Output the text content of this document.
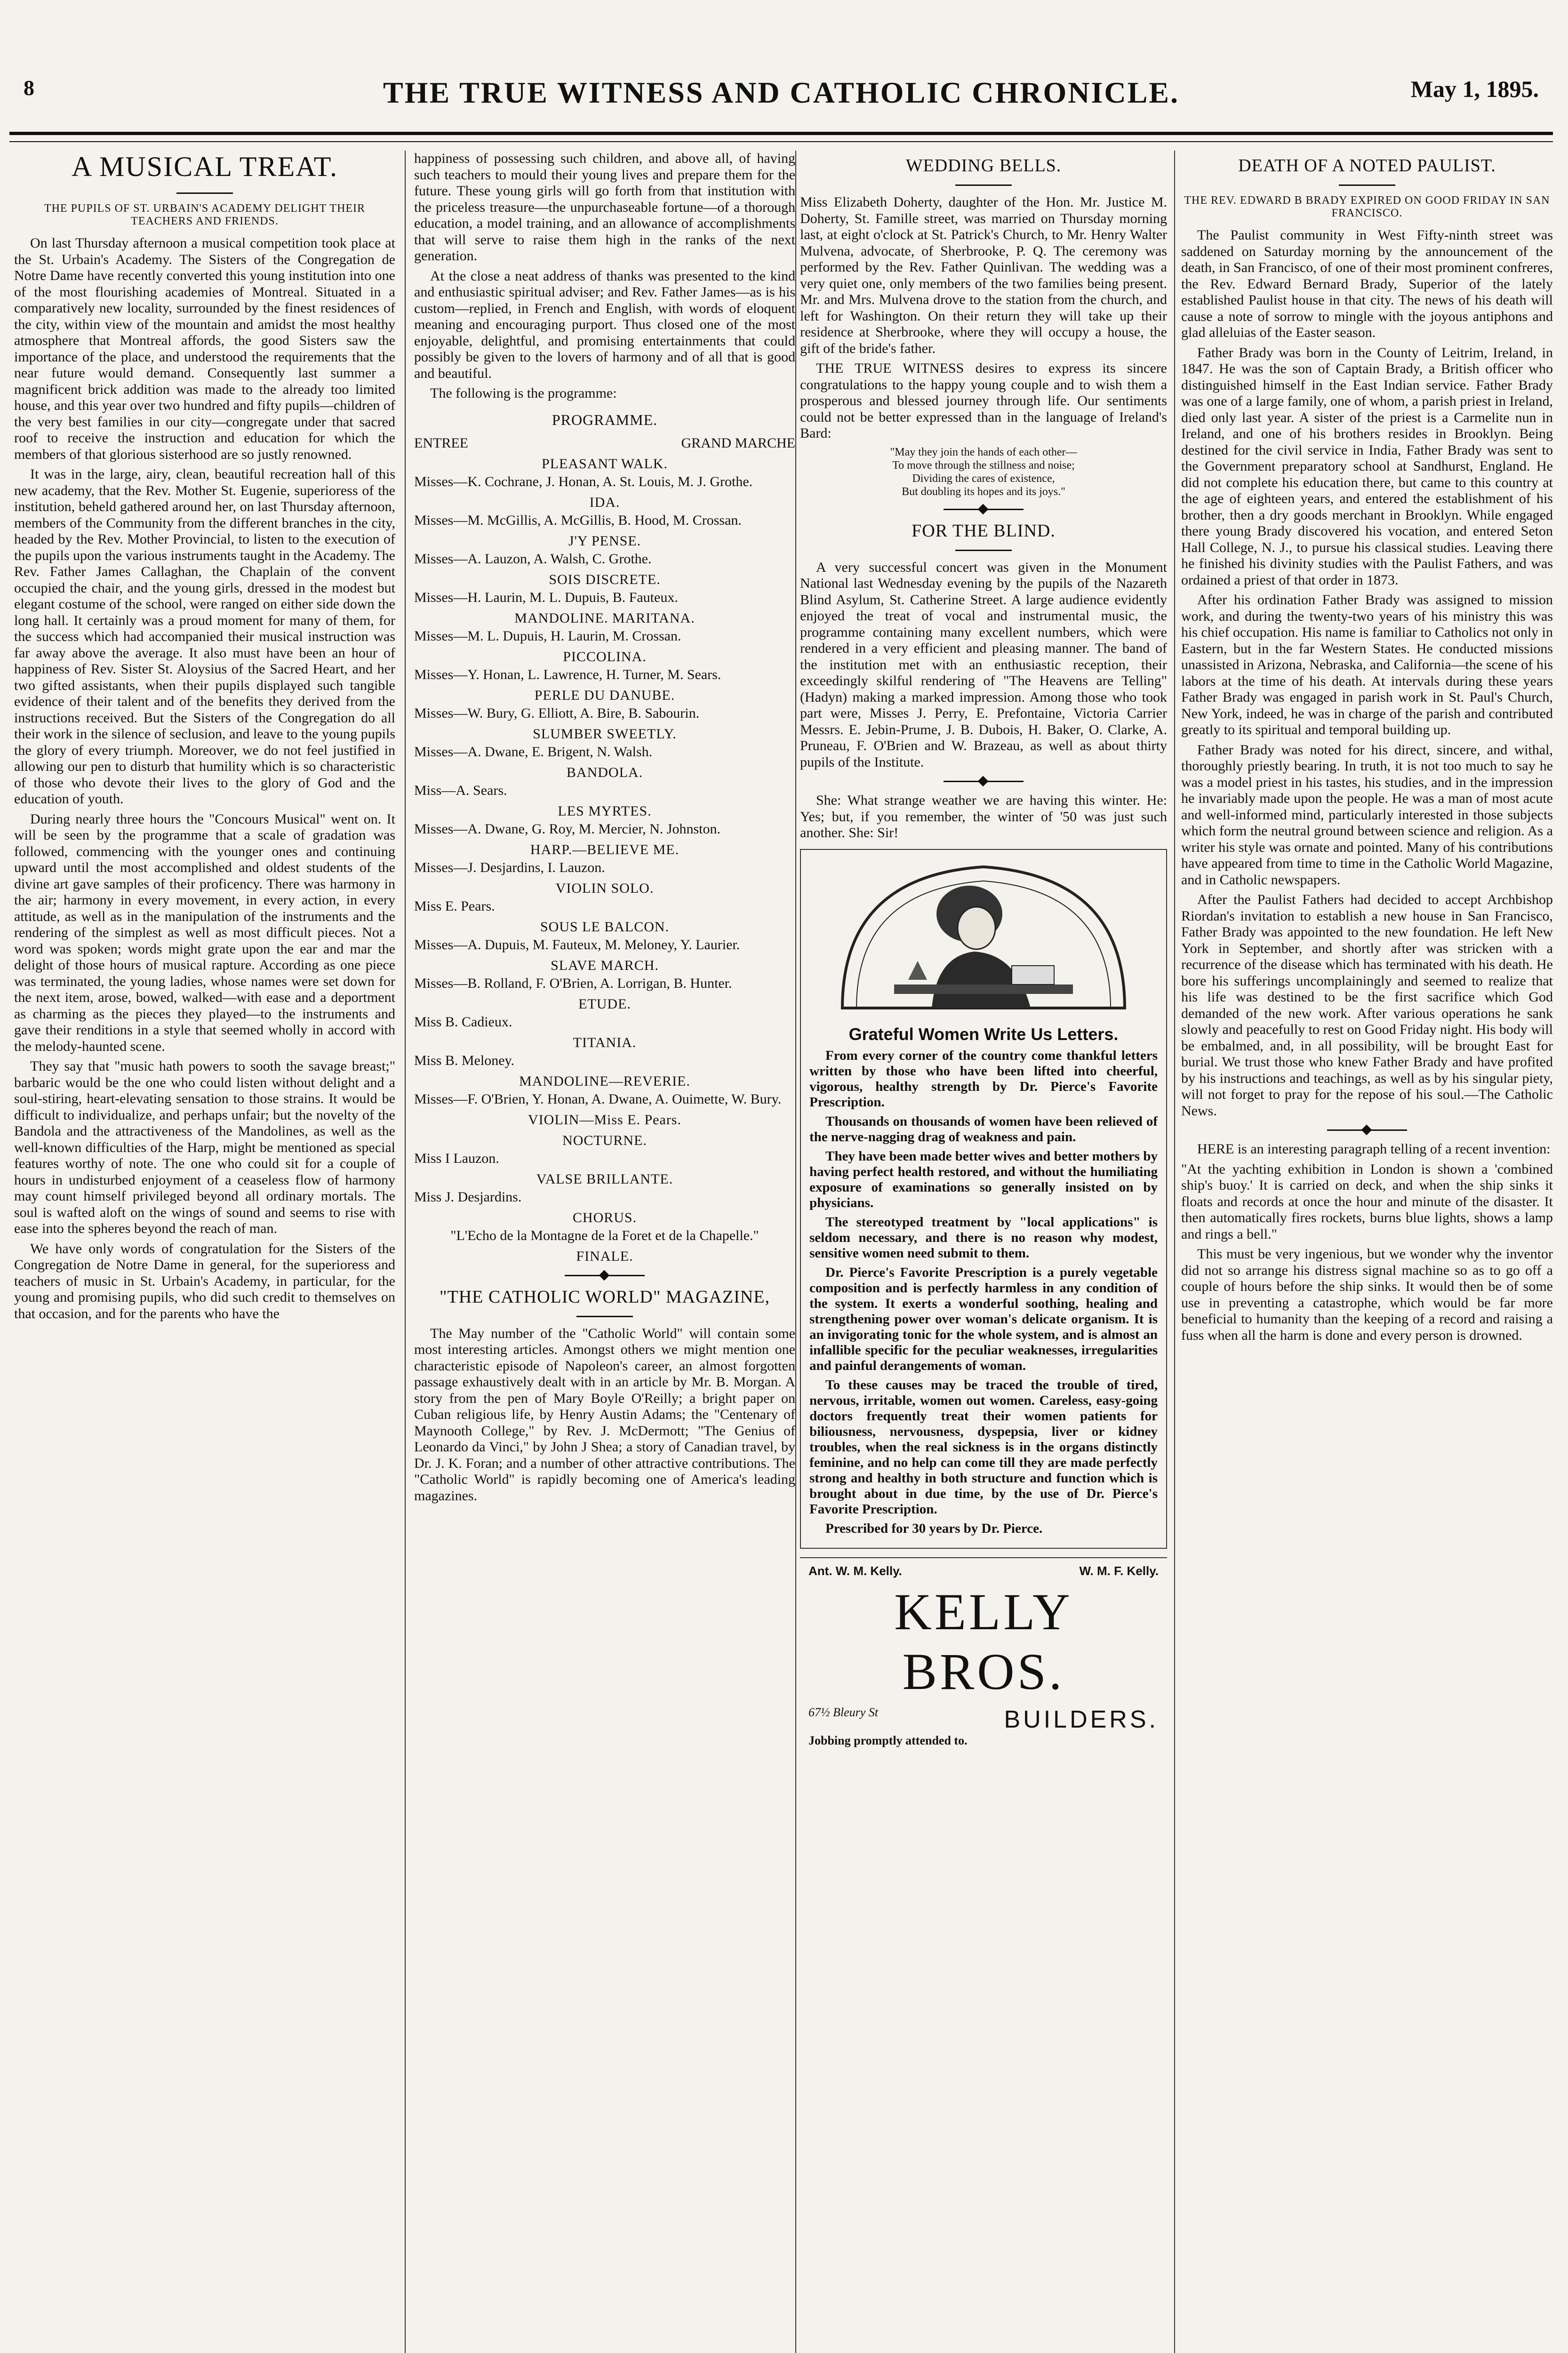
8	THE TRUE WITNESS AND CATHOLIC CHRONICLE.	May 1, 1895.
A MUSICAL TREAT.
THE PUPILS OF ST. URBAIN'S ACADEMY DELIGHT THEIR TEACHERS AND FRIENDS.

On last Thursday afternoon a musical competition took place at the St. Urbain's Academy. The Sisters of the Congregation de Notre Dame have recently converted this young institution into one of the most flourishing academies of Montreal. Situated in a comparatively new locality, surrounded by the finest residences of the city, within view of the mountain and amidst the most healthy atmosphere that Montreal affords, the good Sisters saw the importance of the place, and understood the requirements that the near future would demand. Consequently last summer a magnificent brick addition was made to the already too limited house, and this year over two hundred and fifty pupils—children of the very best families in our city—congregate under that sacred roof to receive the instruction and education for which the members of that glorious sisterhood are so justly renowned.

It was in the large, airy, clean, beautiful recreation hall of this new academy, that the Rev. Mother St. Eugenie, superioress of the institution, beheld gathered around her, on last Thursday afternoon, members of the Community from the different branches in the city, headed by the Rev. Mother Provincial, to listen to the execution of the pupils upon the various instruments taught in the Academy. The Rev. Father James Callaghan, the Chaplain of the convent occupied the chair, and the young girls, dressed in the modest but elegant costume of the school, were ranged on either side down the long hall. It certainly was a proud moment for many of them, for the success which had accompanied their musical instruction was far away above the average. It also must have been an hour of happiness of Rev. Sister St. Aloysius of the Sacred Heart, and her two gifted assistants, when their pupils displayed such tangible evidence of their talent and of the benefits they derived from the instructions received. But the Sisters of the Congregation do all their work in the silence of seclusion, and leave to the young pupils the glory of every triumph. Moreover, we do not feel justified in allowing our pen to disturb that humility which is so characteristic of those who devote their lives to the glory of God and the education of youth.

During nearly three hours the "Concours Musical" went on. It will be seen by the programme that a scale of gradation was followed, commencing with the younger ones and continuing upward until the most accomplished and oldest students of the divine art gave samples of their proficency. There was harmony in the air; harmony in every movement, in every action, in every attitude, as well as in the manipulation of the instruments and the rendering of the simplest as well as most difficult pieces. Not a word was spoken; words might grate upon the ear and mar the delight of those hours of musical rapture. According as one piece was terminated, the young ladies, whose names were set down for the next item, arose, bowed, walked—with ease and a deportment as charming as the pieces they played—to the instruments and gave their renditions in a style that seemed wholly in accord with the melody-haunted scene.

They say that "music hath powers to sooth the savage breast;" barbaric would be the one who could listen without delight and a soul-stiring, heart-elevating sensation to those strains. It would be difficult to individualize, and perhaps unfair; but the novelty of the Bandola and the attractiveness of the Mandolines, as well as the well-known difficulties of the Harp, might be mentioned as special features worthy of note. The one who could sit for a couple of hours in undisturbed enjoyment of a ceaseless flow of harmony may count himself privileged beyond all ordinary mortals. The soul is wafted aloft on the wings of sound and seems to rise with ease into the spheres beyond the reach of man.

We have only words of congratulation for the Sisters of the Congregation de Notre Dame in general, for the superioress and teachers of music in St. Urbain's Academy, in particular, for the young and promising pupils, who did such credit to themselves on that occasion, and for the parents who have the

happiness of possessing such children, and above all, of having such teachers to mould their young lives and prepare them for the future. These young girls will go forth from that institution with the priceless treasure—the unpurchaseable fortune—of a thorough education, a model training, and an allowance of accomplishments that will serve to raise them high in the ranks of the next generation.

At the close a neat address of thanks was presented to the kind and enthusiastic spiritual adviser; and Rev. Father James—as is his custom—replied, in French and English, with words of eloquent meaning and encouraging purport. Thus closed one of the most enjoyable, delightful, and promising entertainments that could possibly be given to the lovers of harmony and of all that is good and beautiful.

The following is the programme:

PROGRAMME.
ENTREE	GRAND MARCHE
PLEASANT WALK.
Misses—K. Cochrane, J. Honan, A. St. Louis, M. J. Grothe.
IDA.
Misses—M. McGillis, A. McGillis, B. Hood, M. Crossan.
J'Y PENSE.
Misses—A. Lauzon, A. Walsh, C. Grothe.
SOIS DISCRETE.
Misses—H. Laurin, M. L. Dupuis, B. Fauteux.
MANDOLINE. MARITANA.
Misses—M. L. Dupuis, H. Laurin, M. Crossan.
PICCOLINA.
Misses—Y. Honan, L. Lawrence, H. Turner, M. Sears.
PERLE DU DANUBE.
Misses—W. Bury, G. Elliott, A. Bire, B. Sabourin.
SLUMBER SWEETLY.
Misses—A. Dwane, E. Brigent, N. Walsh.
BANDOLA.
Miss—A. Sears.
LES MYRTES.
Misses—A. Dwane, G. Roy, M. Mercier, N. Johnston.
HARP.—BELIEVE ME.
Misses—J. Desjardins, I. Lauzon.
VIOLIN SOLO.
Miss E. Pears.
SOUS LE BALCON.
Misses—A. Dupuis, M. Fauteux, M. Meloney, Y. Laurier.
SLAVE MARCH.
Misses—B. Rolland, F. O'Brien, A. Lorrigan, B. Hunter.
ETUDE.
Miss B. Cadieux.
TITANIA.
Miss B. Meloney.
MANDOLINE—REVERIE.
Misses—F. O'Brien, Y. Honan, A. Dwane, A. Ouimette, W. Bury.
VIOLIN—Miss E. Pears.
NOCTURNE.
Miss I Lauzon.
VALSE BRILLANTE.
Miss J. Desjardins.
CHORUS.
"L'Echo de la Montagne de la Foret et de la Chapelle."
FINALE.
"THE CATHOLIC WORLD" MAGAZINE,

The May number of the "Catholic World" will contain some most interesting articles. Amongst others we might mention one characteristic episode of Napoleon's career, an almost forgotten passage exhaustively dealt with in an article by Mr. B. Morgan. A story from the pen of Mary Boyle O'Reilly; a bright paper on Cuban religious life, by Henry Austin Adams; the "Centenary of Maynooth College," by Rev. J. McDermott; "The Genius of Leonardo da Vinci," by John J Shea; a story of Canadian travel, by Dr. J. K. Foran; and a number of other attractive contributions. The "Catholic World" is rapidly becoming one of America's leading magazines.

WEDDING BELLS.

Miss Elizabeth Doherty, daughter of the Hon. Mr. Justice M. Doherty, St. Famille street, was married on Thursday morning last, at eight o'clock at St. Patrick's Church, to Mr. Henry Walter Mulvena, advocate, of Sherbrooke, P. Q. The ceremony was performed by the Rev. Father Quinlivan. The wedding was a very quiet one, only members of the two families being present. Mr. and Mrs. Mulvena drove to the station from the church, and left for Washington. On their return they will take up their residence at Sherbrooke, where they will occupy a house, the gift of the bride's father.

THE TRUE WITNESS desires to express its sincere congratulations to the happy young couple and to wish them a prosperous and blessed journey through life. Our sentiments could not be better expressed than in the language of Ireland's Bard:

"May they join the hands of each other—
To move through the stillness and noise;
Dividing the cares of existence,
But doubling its hopes and its joys."
FOR THE BLIND.

A very successful concert was given in the Monument National last Wednesday evening by the pupils of the Nazareth Blind Asylum, St. Catherine Street. A large audience evidently enjoyed the treat of vocal and instrumental music, the programme containing many excellent numbers, which were rendered in a very efficient and pleasing manner. The band of the institution met with an enthusiastic reception, their exceedingly skilful rendering of "The Heavens are Telling" (Hadyn) making a marked impression. Among those who took part were, Misses J. Perry, E. Prefontaine, Victoria Carrier Messrs. E. Jebin-Prume, J. B. Dubois, H. Baker, O. Clarke, A. Pruneau, F. O'Brien and W. Brazeau, as well as about thirty pupils of the Institute.

She: What strange weather we are having this winter. He: Yes; but, if you remember, the winter of '50 was just such another. She: Sir!

Grateful Women Write Us Letters.

From every corner of the country come thankful letters written by those who have been lifted into cheerful, vigorous, healthy strength by Dr. Pierce's Favorite Prescription.

Thousands on thousands of women have been relieved of the nerve-nagging drag of weakness and pain.

They have been made better wives and better mothers by having perfect health restored, and without the humiliating exposure of examinations so generally insisted on by physicians.

The stereotyped treatment by "local applications" is seldom necessary, and there is no reason why modest, sensitive women need submit to them.

Dr. Pierce's Favorite Prescription is a purely vegetable composition and is perfectly harmless in any condition of the system. It exerts a wonderful soothing, healing and strengthening power over woman's delicate organism. It is an invigorating tonic for the whole system, and is almost an infallible specific for the peculiar weaknesses, irregularities and painful derangements of woman.

To these causes may be traced the trouble of tired, nervous, irritable, women out women. Careless, easy-going doctors frequently treat their women patients for biliousness, nervousness, dyspepsia, liver or kidney troubles, when the real sickness is in the organs distinctly feminine, and no help can come till they are made perfectly strong and healthy in both structure and function which is brought about in due time, by the use of Dr. Pierce's Favorite Prescription.

Prescribed for 30 years by Dr. Pierce.

Ant. W. M. Kelly.	W. M. F. Kelly.
KELLY BROS.
67½ Bleury St	BUILDERS.
Jobbing promptly attended to.
DEATH OF A NOTED PAULIST.
THE REV. EDWARD B BRADY EXPIRED ON GOOD FRIDAY IN SAN FRANCISCO.

The Paulist community in West Fifty-ninth street was saddened on Saturday morning by the announcement of the death, in San Francisco, of one of their most prominent confreres, the Rev. Edward Bernard Brady, Superior of the lately established Paulist house in that city. The news of his death will cause a note of sorrow to mingle with the joyous antiphons and glad alleluias of the Easter season.

Father Brady was born in the County of Leitrim, Ireland, in 1847. He was the son of Captain Brady, a British officer who distinguished himself in the East Indian service. Father Brady was one of a large family, one of whom, a parish priest in Ireland, died only last year. A sister of the priest is a Carmelite nun in Ireland, and one of his brothers resides in Brooklyn. Being destined for the civil service in India, Father Brady was sent to the Government preparatory school at Sandhurst, England. He did not complete his education there, but came to this country at the age of eighteen years, and entered the establishment of his brother, then a dry goods merchant in Brooklyn. While engaged there young Brady discovered his vocation, and entered Seton Hall College, N. J., to pursue his classical studies. Leaving there he finished his divinity studies with the Paulist Fathers, and was ordained a priest of that order in 1873.

After his ordination Father Brady was assigned to mission work, and during the twenty-two years of his ministry this was his chief occupation. His name is familiar to Catholics not only in Eastern, but in the far Western States. He conducted missions unassisted in Arizona, Nebraska, and California—the scene of his labors at the time of his death. At intervals during these years Father Brady was engaged in parish work in St. Paul's Church, New York, indeed, he was in charge of the parish and contributed greatly to its spiritual and temporal building up.

Father Brady was noted for his direct, sincere, and withal, thoroughly priestly bearing. In truth, it is not too much to say he was a model priest in his tastes, his studies, and in the impression he invariably made upon the people. He was a man of most acute and well-informed mind, particularly interested in those subjects which form the neutral ground between science and religion. As a writer his style was ornate and pointed. Many of his contributions have appeared from time to time in the Catholic World Magazine, and in Catholic newspapers.

After the Paulist Fathers had decided to accept Archbishop Riordan's invitation to establish a new house in San Francisco, Father Brady was appointed to the new foundation. He left New York in September, and shortly after was stricken with a recurrence of the disease which has terminated with his death. He bore his sufferings uncomplainingly and seemed to realize that his life was destined to be the first sacrifice which God demanded of the new work. After various operations he sank slowly and peacefully to rest on Good Friday night. His body will be embalmed, and, in all possibility, will be brought East for burial. We trust those who knew Father Brady and have profited by his instructions and teachings, as well as by his singular piety, will not forget to pray for the repose of his soul.—The Catholic News.

HERE is an interesting paragraph telling of a recent invention:

"At the yachting exhibition in London is shown a 'combined ship's buoy.' It is carried on deck, and when the ship sinks it floats and records at once the hour and minute of the disaster. It then automatically fires rockets, burns blue lights, shows a lamp and rings a bell."

This must be very ingenious, but we wonder why the inventor did not so arrange his distress signal machine so as to go off a couple of hours before the ship sinks. It would then be of some use in preventing a catastrophe, which would be far more beneficial to humanity than the keeping of a record and raising a fuss when all the harm is done and every person is drowned.
